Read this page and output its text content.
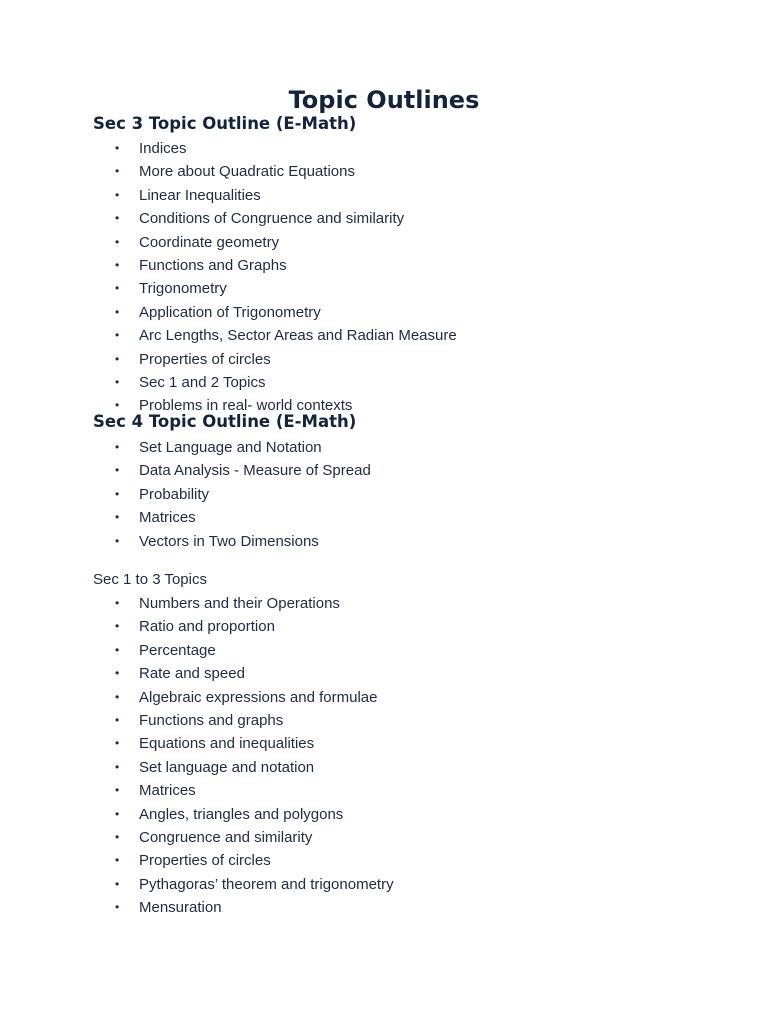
Topic Outlines
Sec 3 Topic Outline (E-Math)
• Indices
• More about Quadratic Equations
• Linear Inequalities
• Conditions of Congruence and similarity
• Coordinate geometry
• Functions and Graphs
• Trigonometry
• Application of Trigonometry
• Arc Lengths, Sector Areas and Radian Measure
• Properties of circles
• Sec 1 and 2 Topics
• Problems in real- world contexts
Sec 4 Topic Outline (E-Math)
• Set Language and Notation
• Data Analysis - Measure of Spread
• Probability
• Matrices
• Vectors in Two Dimensions

Sec 1 to 3 Topics

• Numbers and their Operations
• Ratio and proportion
• Percentage
• Rate and speed
• Algebraic expressions and formulae
• Functions and graphs
• Equations and inequalities
• Set language and notation
• Matrices
• Angles, triangles and polygons
• Congruence and similarity
• Properties of circles
• Pythagoras’ theorem and trigonometry
• Mensuration
